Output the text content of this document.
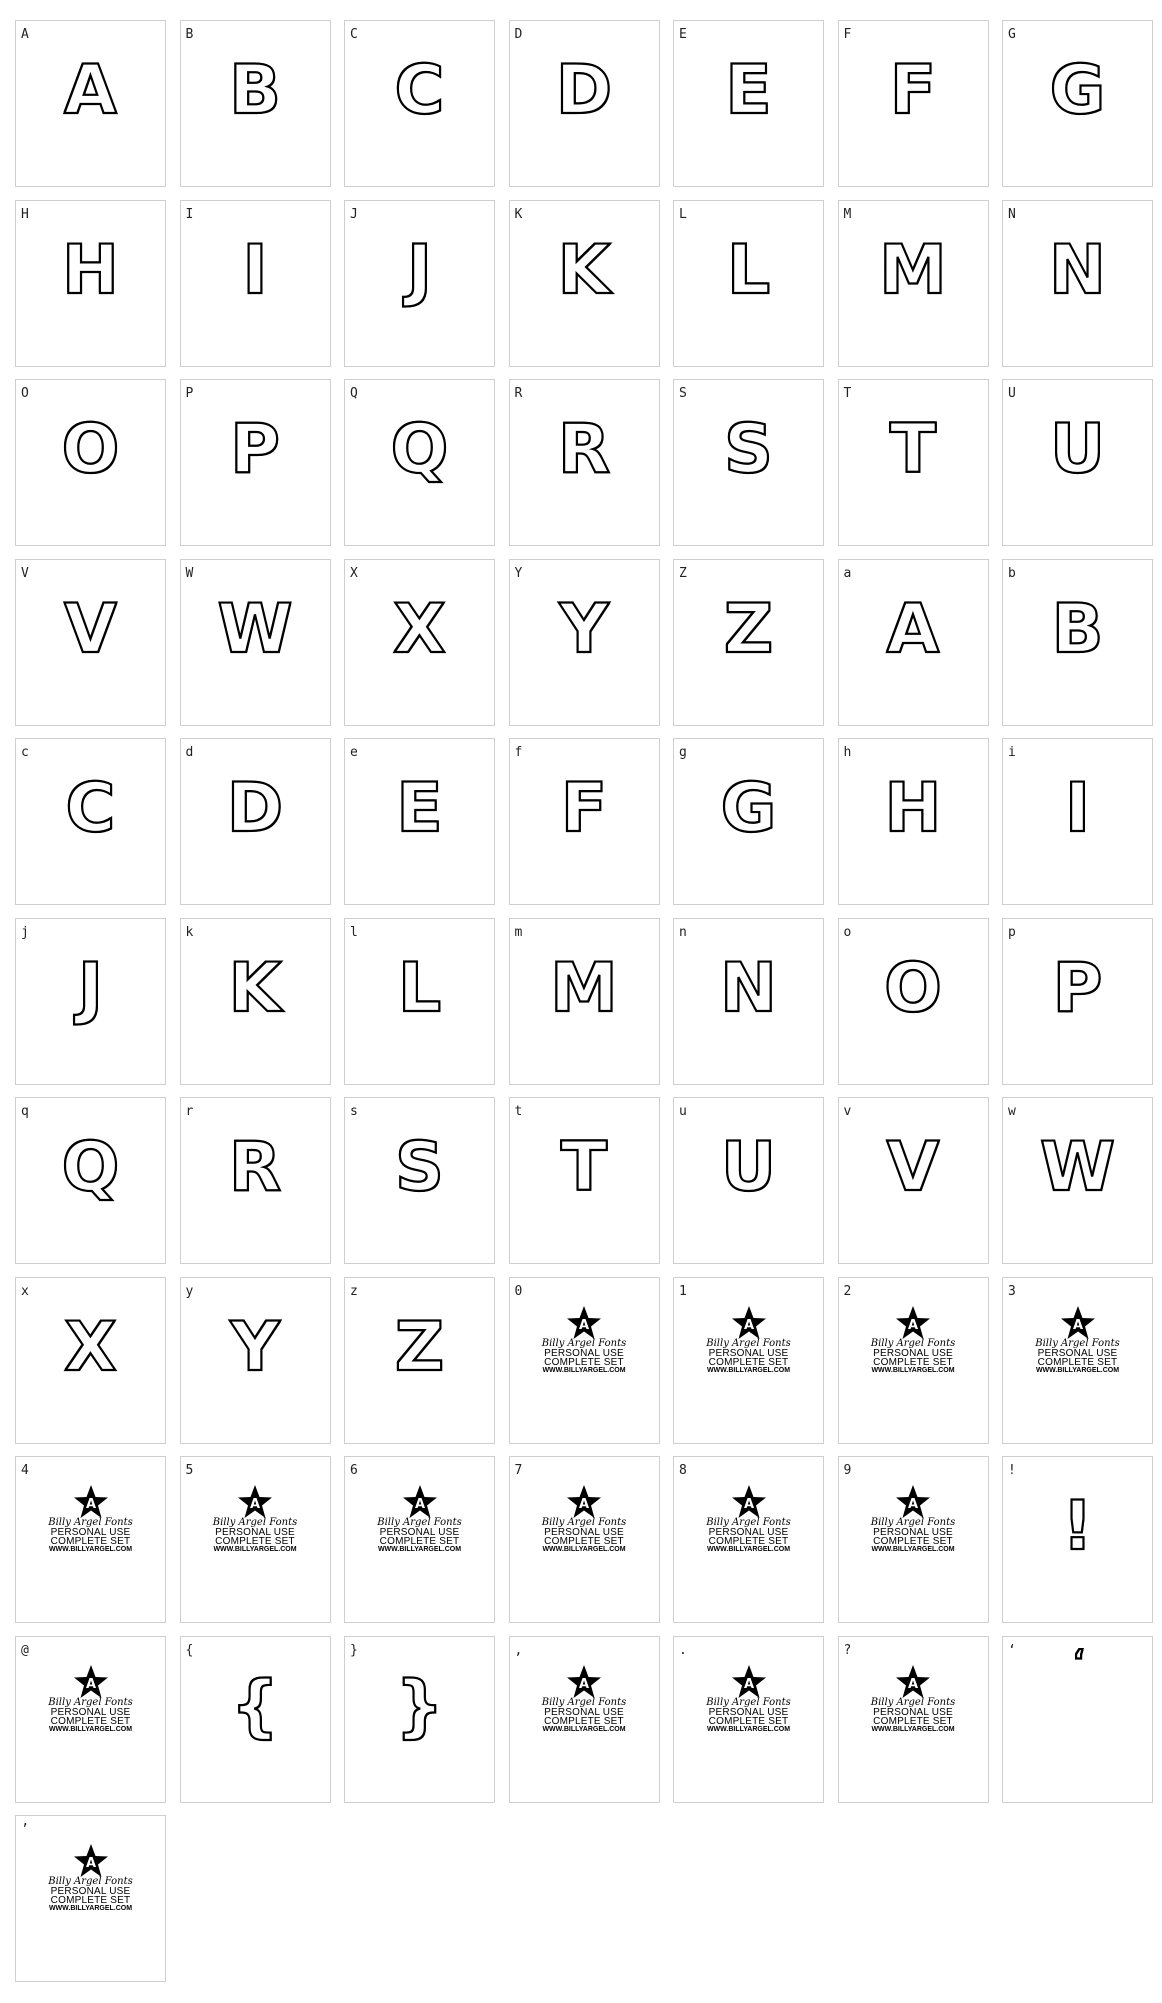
A
A
B
B
C
C
D
D
E
E
F
F
G
G
H
H
I
I
J
J
K
K
L
L
M
M
N
N
O
O
P
P
Q
Q
R
R
S
S
T
T
U
U
V
V
W
W
X
X
Y
Y
Z
Z
a
A
b
B
c
C
d
D
e
E
f
F
g
G
h
H
i
I
j
J
k
K
l
L
m
M
n
N
o
O
p
P
q
Q
r
R
s
S
t
T
u
U
v
V
w
W
x
X
y
Y
z
Z
0
A
Billy Argel Fonts
PERSONAL USE
COMPLETE SET
WWW.BILLYARGEL.COM
1
A
Billy Argel Fonts
PERSONAL USE
COMPLETE SET
WWW.BILLYARGEL.COM
2
A
Billy Argel Fonts
PERSONAL USE
COMPLETE SET
WWW.BILLYARGEL.COM
3
A
Billy Argel Fonts
PERSONAL USE
COMPLETE SET
WWW.BILLYARGEL.COM
4
A
Billy Argel Fonts
PERSONAL USE
COMPLETE SET
WWW.BILLYARGEL.COM
5
A
Billy Argel Fonts
PERSONAL USE
COMPLETE SET
WWW.BILLYARGEL.COM
6
A
Billy Argel Fonts
PERSONAL USE
COMPLETE SET
WWW.BILLYARGEL.COM
7
A
Billy Argel Fonts
PERSONAL USE
COMPLETE SET
WWW.BILLYARGEL.COM
8
A
Billy Argel Fonts
PERSONAL USE
COMPLETE SET
WWW.BILLYARGEL.COM
9
A
Billy Argel Fonts
PERSONAL USE
COMPLETE SET
WWW.BILLYARGEL.COM
!
!
@
A
Billy Argel Fonts
PERSONAL USE
COMPLETE SET
WWW.BILLYARGEL.COM
{
{
}
}
,
A
Billy Argel Fonts
PERSONAL USE
COMPLETE SET
WWW.BILLYARGEL.COM
.
A
Billy Argel Fonts
PERSONAL USE
COMPLETE SET
WWW.BILLYARGEL.COM
?
A
Billy Argel Fonts
PERSONAL USE
COMPLETE SET
WWW.BILLYARGEL.COM
‘ ‘
’
A
Billy Argel Fonts
PERSONAL USE
COMPLETE SET
WWW.BILLYARGEL.COM
